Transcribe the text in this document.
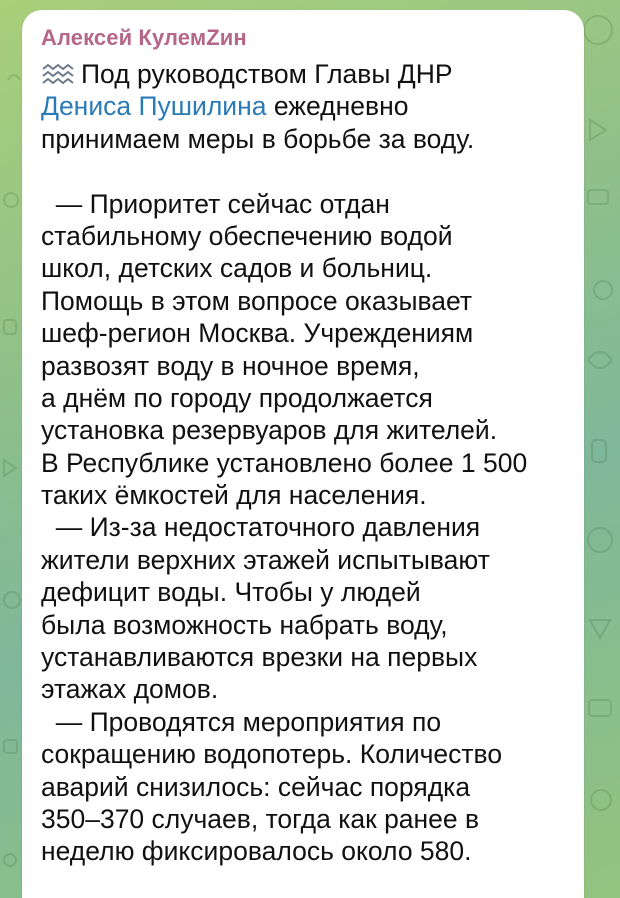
Алексей КулемZин
Под руководством Главы ДНР
Дениса Пушилина ежедневно
принимаем меры в борьбе за воду.
— Приоритет сейчас отдан
стабильному обеспечению водой
школ, детских садов и больниц.
Помощь в этом вопросе оказывает
шеф-регион Москва. Учреждениям
развозят воду в ночное время,
а днём по городу продолжается
установка резервуаров для жителей.
В Республике установлено более 1 500
таких ёмкостей для населения.
— Из-за недостаточного давления
жители верхних этажей испытывают
дефицит воды. Чтобы у людей
была возможность набрать воду,
устанавливаются врезки на первых
этажах домов.
— Проводятся мероприятия по
сокращению водопотерь. Количество
аварий снизилось: сейчас порядка
350–370 случаев, тогда как ранее в
неделю фиксировалось около 580.
